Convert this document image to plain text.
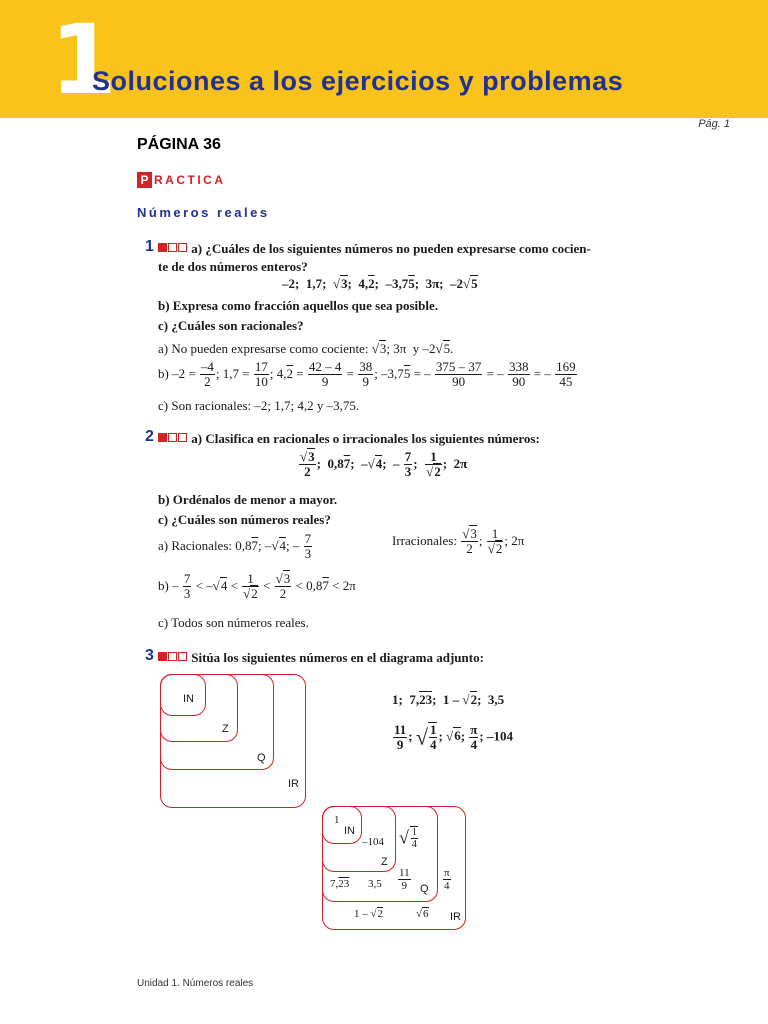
1
Soluciones a los ejercicios y problemas
Pág. 1
PÁGINA 36
P RACTICA
Números reales
1	a) ¿Cuáles de los siguientes números no pueden expresarse como cocien-
te de dos números enteros?
–2;  1,7;  √3;  4,2;  –3,75;  3π;  –2√5
b) Expresa como fracción aquellos que sea posible.
c) ¿Cuáles son racionales?
a) No pueden expresarse como cociente: √3; 3π  y –2√5.
b) $-2 = \frac{-4}{2}$ ; $1,7 = \frac{17}{10}$ ; $4,2 = \frac{42 - 4}{9} = \frac{38}{9}$ ; –3,75 = – $\frac{375 - 37}{90}$ = – $\frac{338}{90}$ = – $\frac{169}{45}$
c) Son racionales: –2; 1,7; 4,2 y –3,75.
2	a) Clasifica en racionales o irracionales los siguientes números:
$\frac{√3}{2}$ ;  0,87;  –√4;  – $\frac{7}{3}$ ; $\frac{1}{√2}$ ;  2π
b) Ordénalos de menor a mayor.
c) ¿Cuáles son números reales?
a) Racionales: 0,87; –√4; – $\frac{7}{3}$	Irracionales: $\frac{√3}{2}$ ; $\frac{1}{√2}$ ; 2π
$b) - \frac{7}{3} < -√4 < \frac{1}{√2} < \frac{√3}{2} < 0,87 < 2\pi$
c) Todos son números reales.
3	Sitúa los siguientes números en el diagrama adjunto:
IN
Z
Q
IR
1;  7,23;  1 – √2;  3,5
$\frac{11}{9}$ ; √ $\frac{1}{4}$ ; √6; $\frac{\pi}{4}$ ; –104
IN
Z
Q
IR
1
–104 √ $\frac{1}{4}$
7,23 $3,5 \frac{11}{9}$	$\frac{\pi}{4}$
1 – √2	√6
Unidad 1. Números reales
